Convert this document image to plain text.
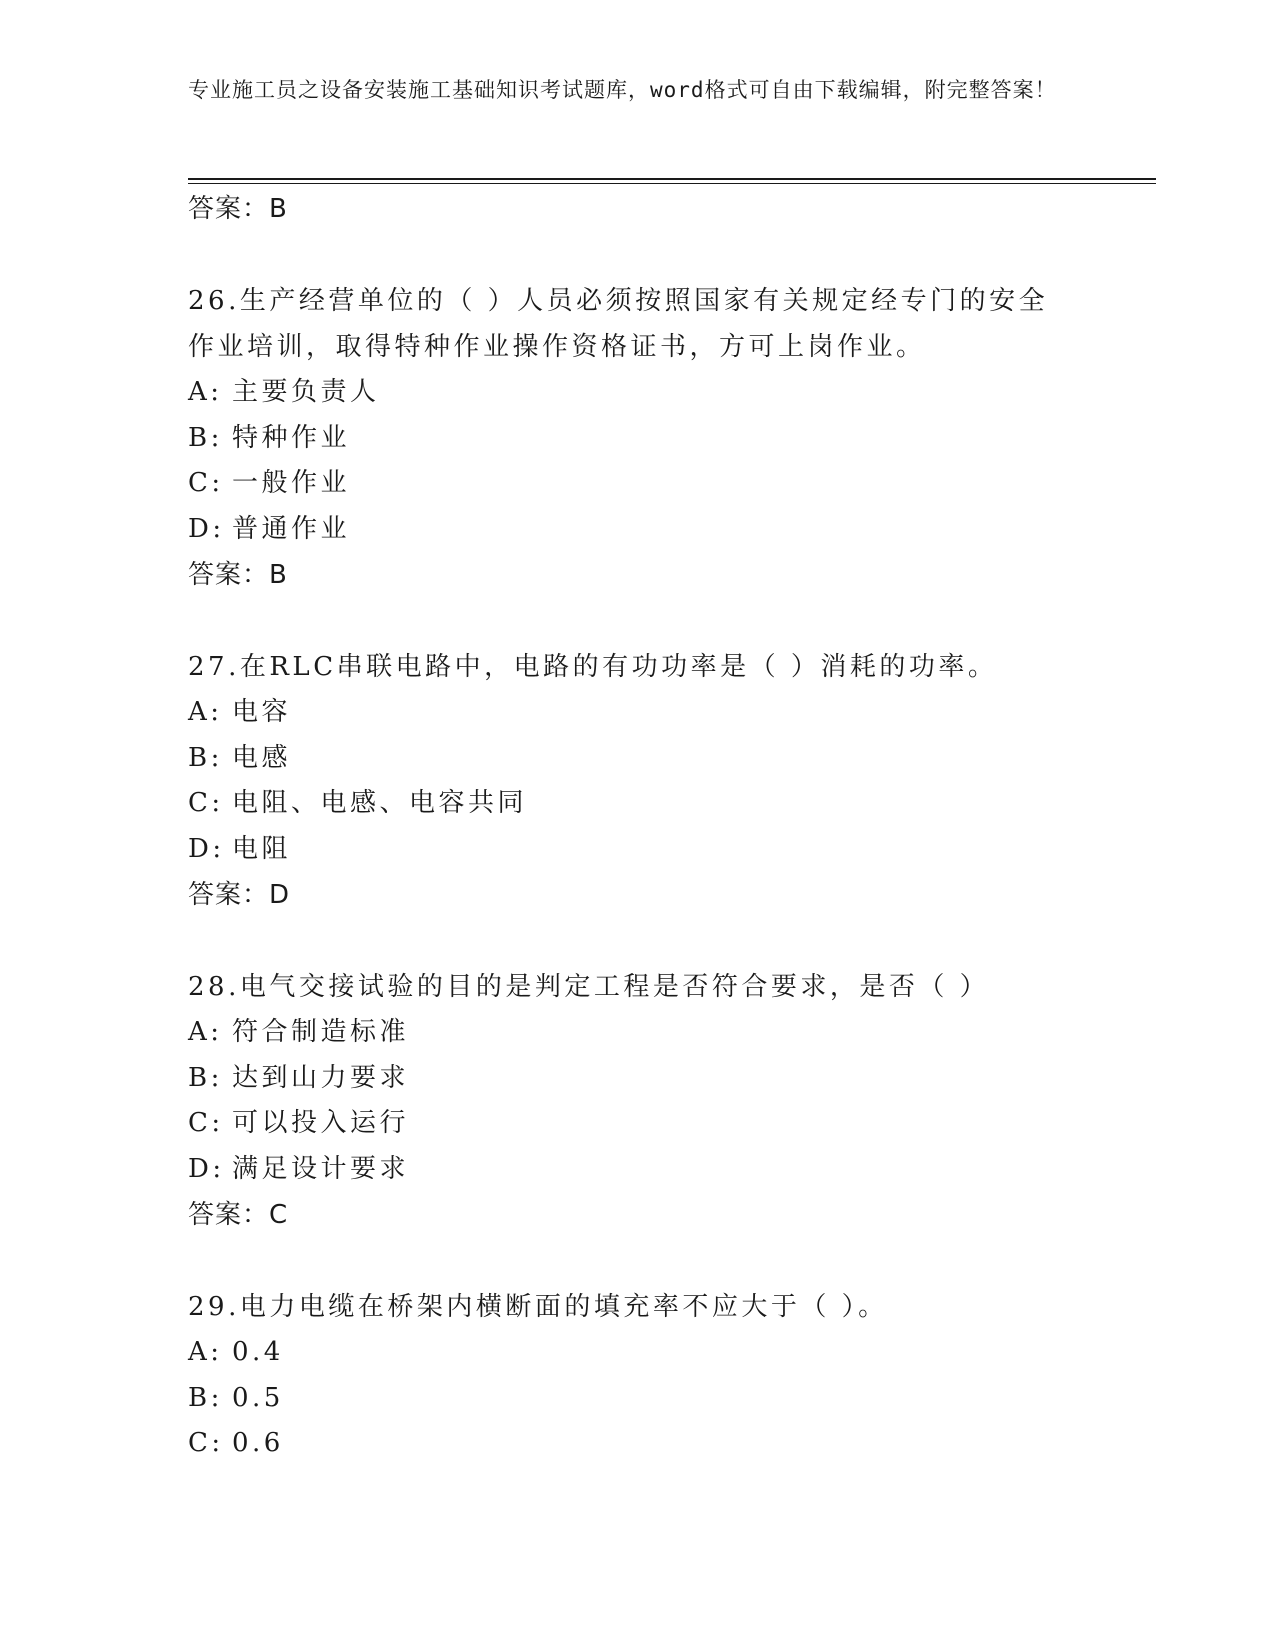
专业施工员之设备安装施工基础知识考试题库，word格式可自由下载编辑，附完整答案！
答案：B
26.生产经营单位的（ ）人员必须按照国家有关规定经专门的安全作业培训，取得特种作业操作资格证书，方可上岗作业。
A: 主要负责人
B: 特种作业
C: 一般作业
D: 普通作业
答案：B
27.在RLC串联电路中，电路的有功功率是（ ）消耗的功率。
A: 电容
B: 电感
C: 电阻、电感、电容共同
D: 电阻
答案：D
28.电气交接试验的目的是判定工程是否符合要求，是否（ ）
A: 符合制造标准
B: 达到山力要求
C: 可以投入运行
D: 满足设计要求
答案：C
29.电力电缆在桥架内横断面的填充率不应大于（ ）。
A: 0.4
B: 0.5
C: 0.6
